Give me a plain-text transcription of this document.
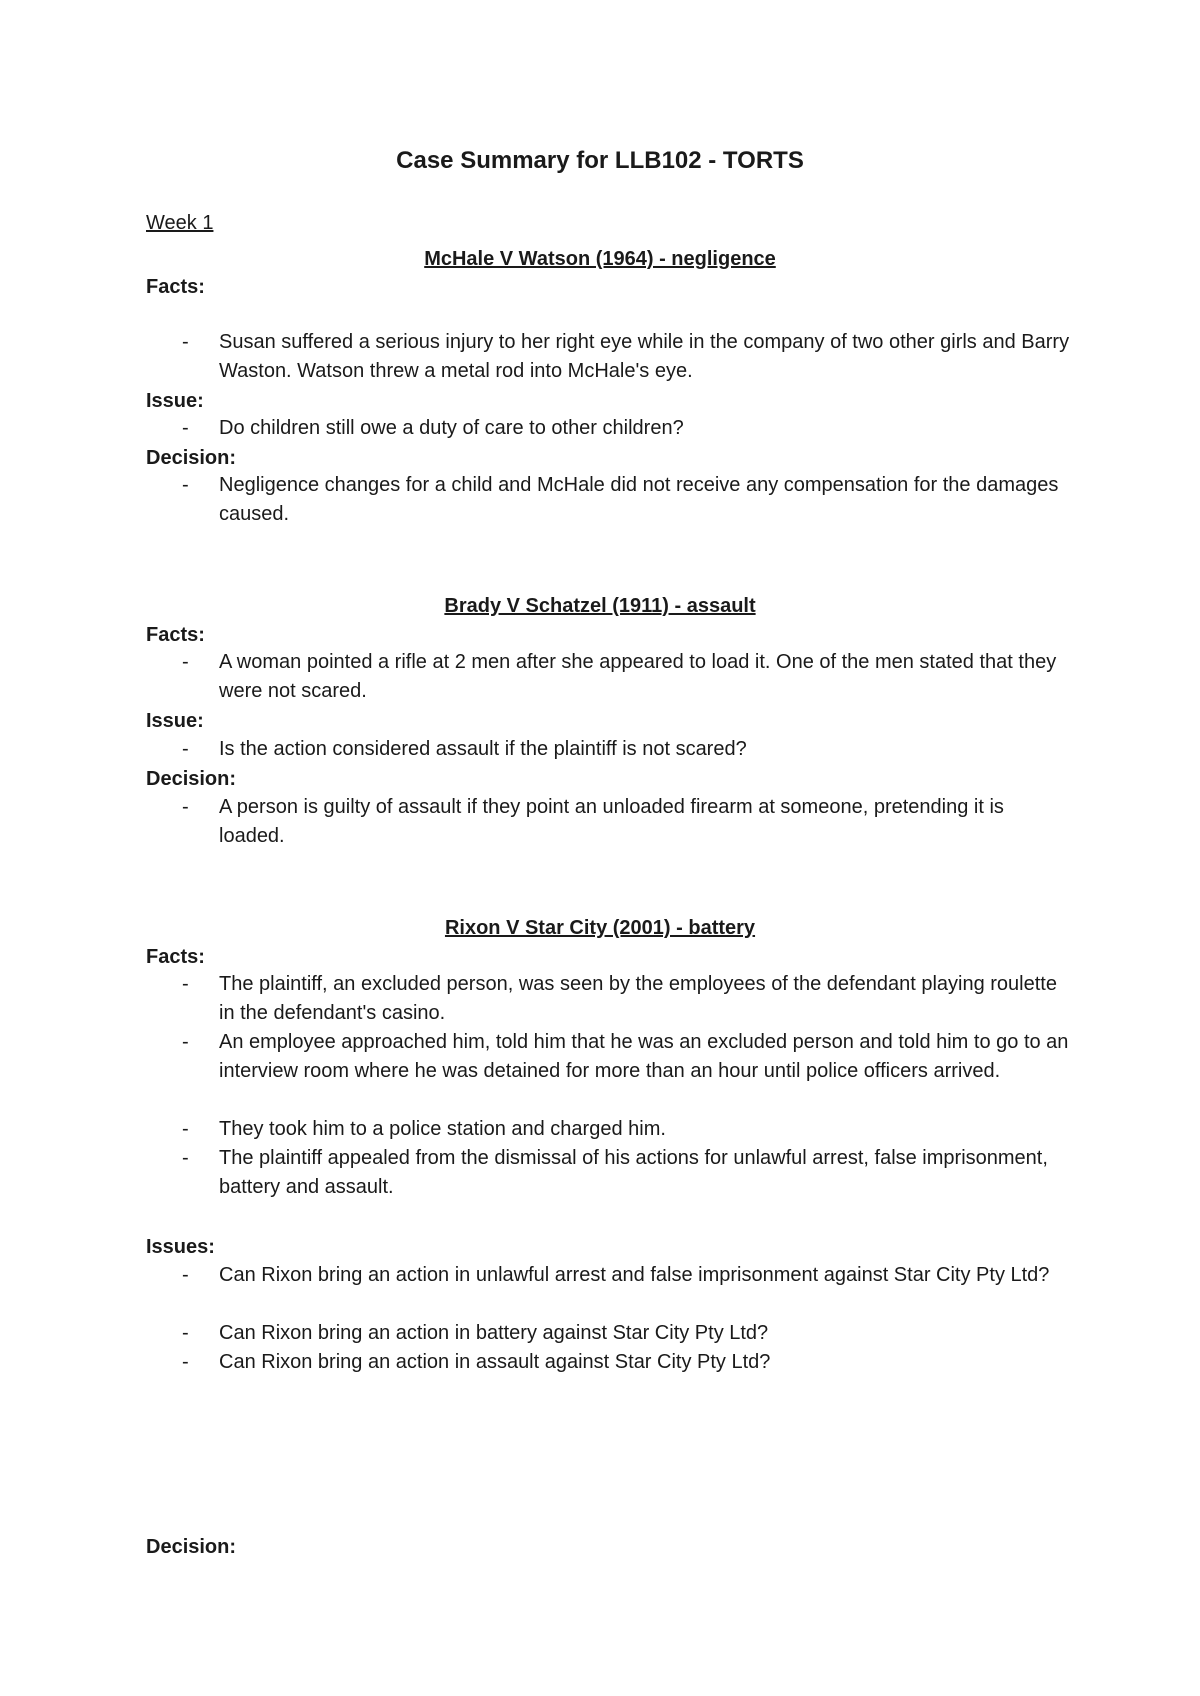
Case Summary for LLB102 - TORTS
Week 1
McHale V Watson (1964) - negligence
Facts:
- Susan suffered a serious injury to her right eye while in the company of two other girls and Barry Waston. Watson threw a metal rod into McHale's eye.
Issue:
- Do children still owe a duty of care to other children?
Decision:
- Negligence changes for a child and McHale did not receive any compensation for the damages caused.
Brady V Schatzel (1911) - assault
Facts:
- A woman pointed a rifle at 2 men after she appeared to load it. One of the men stated that they were not scared.
Issue:
- Is the action considered assault if the plaintiff is not scared?
Decision:
- A person is guilty of assault if they point an unloaded firearm at someone, pretending it is loaded.
Rixon V Star City (2001) - battery
Facts:
- The plaintiff, an excluded person, was seen by the employees of the defendant playing roulette in the defendant's casino.
- An employee approached him, told him that he was an excluded person and told him to go to an interview room where he was detained for more than an hour until police officers arrived.
- They took him to a police station and charged him.
- The plaintiff appealed from the dismissal of his actions for unlawful arrest, false imprisonment, battery and assault.
Issues:
- Can Rixon bring an action in unlawful arrest and false imprisonment against Star City Pty Ltd?
- Can Rixon bring an action in battery against Star City Pty Ltd?
- Can Rixon bring an action in assault against Star City Pty Ltd?
Decision:
